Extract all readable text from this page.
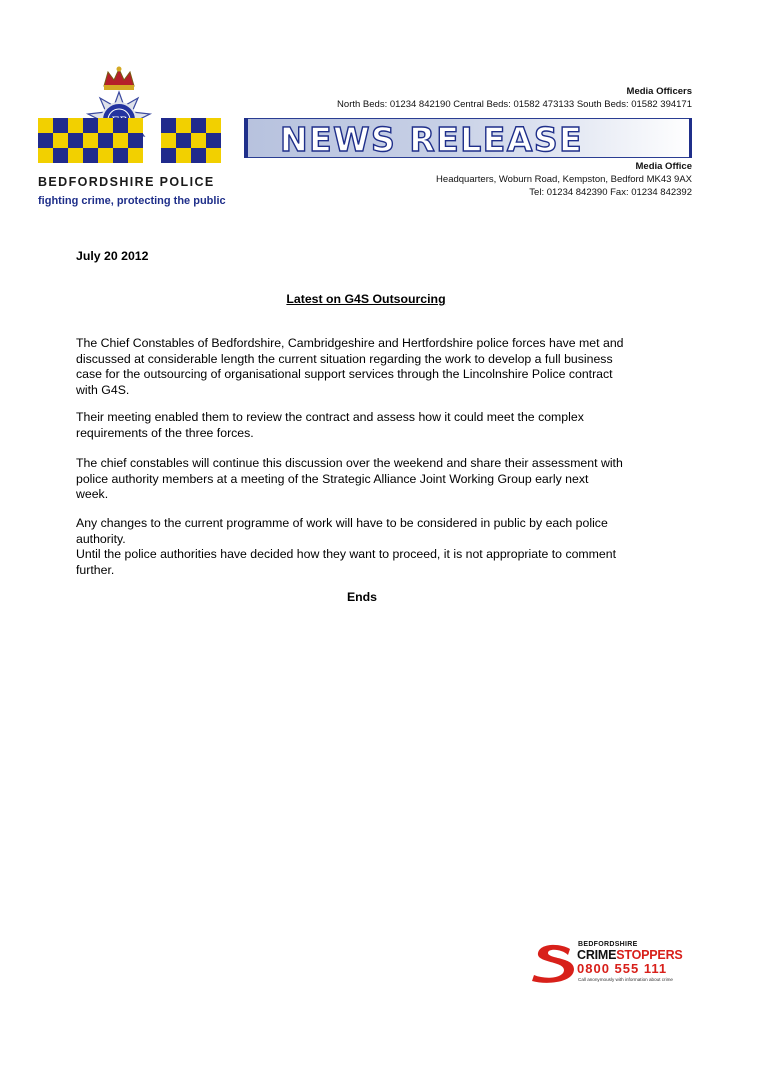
BEDFORDSHIRE POLICE
fighting crime, protecting the public
Media Officers
North Beds: 01234 842190 Central Beds: 01582 473133 South Beds: 01582 394171
NEWS RELEASE
Media Office
Headquarters, Woburn Road, Kempston, Bedford MK43 9AX
Tel: 01234 842390 Fax: 01234 842392
July 20 2012
Latest on G4S Outsourcing
The Chief Constables of Bedfordshire, Cambridgeshire and Hertfordshire police forces have met and
discussed at considerable length the current situation regarding the work to develop a full business
case for the outsourcing of organisational support services through the Lincolnshire Police contract
with G4S.
Their meeting enabled them to review the contract and assess how it could meet the complex
requirements of the three forces.
The chief constables will continue this discussion over the weekend and share their assessment with
police authority members at a meeting of the Strategic Alliance Joint Working Group early next
week.
Any changes to the current programme of work will have to be considered in public by each police
authority.
Until the police authorities have decided how they want to proceed, it is not appropriate to comment
further.
Ends
BEDFORDSHIRE
CRIMESTOPPERS
0800 555 111
Call anonymously with information about crime
